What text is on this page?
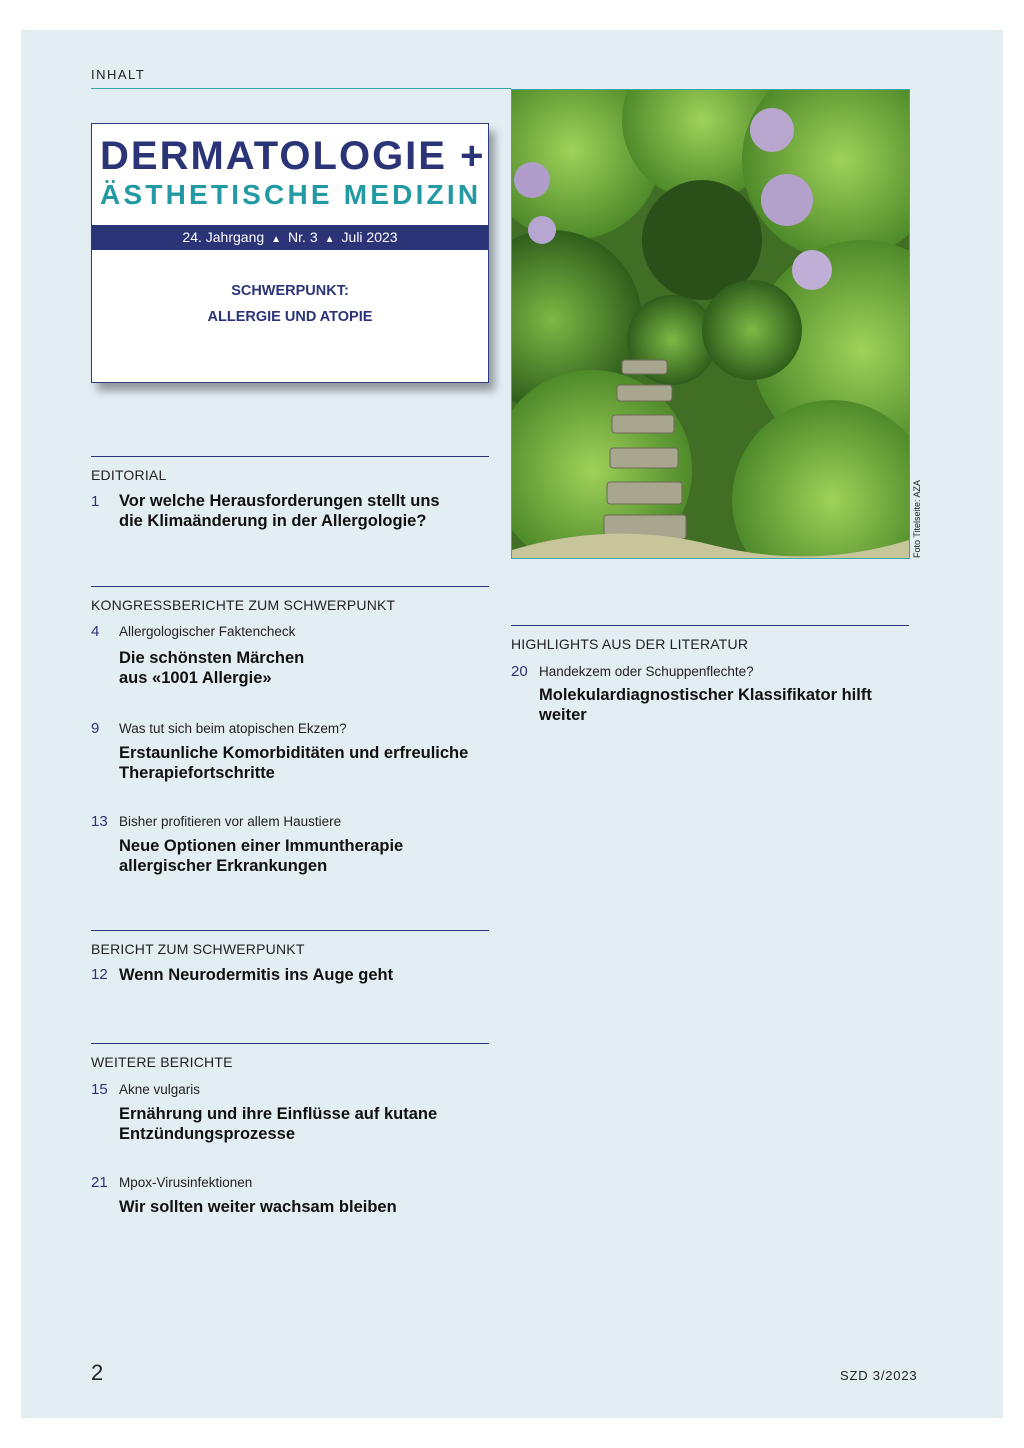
INHALT
DERMATOLOGIE +
ÄSTHETISCHE MEDIZIN
24. Jahrgang ▲ Nr. 3 ▲ Juli 2023
SCHWERPUNKT:
ALLERGIE UND ATOPIE
Foto Titelseite: AZA
EDITORIAL
1 Vor welche Herausforderungen stellt uns
die Klimaänderung in der Allergologie?
KONGRESSBERICHTE ZUM SCHWERPUNKT
4 Allergologischer Faktencheck
Die schönsten Märchen
aus «1001 Allergie»
9 Was tut sich beim atopischen Ekzem?
Erstaunliche Komorbiditäten und erfreuliche
Therapiefortschritte
13 Bisher profitieren vor allem Haustiere
Neue Optionen einer Immuntherapie
allergischer Erkrankungen
BERICHT ZUM SCHWERPUNKT
12 Wenn Neurodermitis ins Auge geht
WEITERE BERICHTE
15 Akne vulgaris
Ernährung und ihre Einflüsse auf kutane
Entzündungsprozesse
21 Mpox-Virusinfektionen
Wir sollten weiter wachsam bleiben
HIGHLIGHTS AUS DER LITERATUR
20 Handekzem oder Schuppenflechte?
Molekulardiagnostischer Klassifikator hilft
weiter
2	SZD 3/2023
